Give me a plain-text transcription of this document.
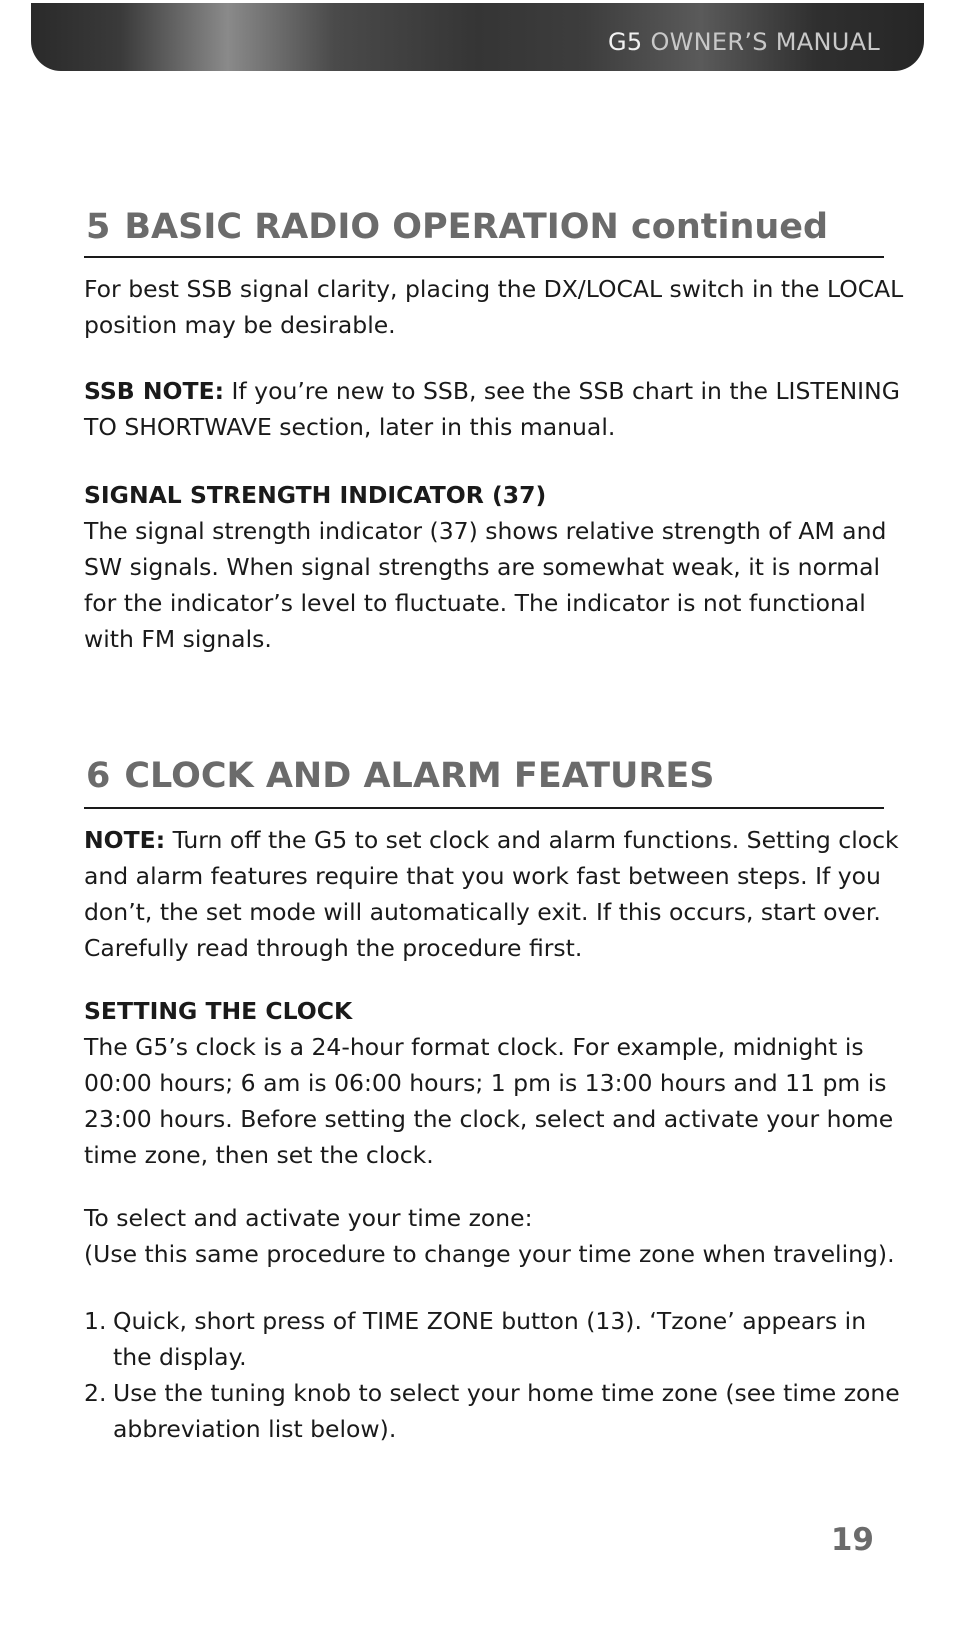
G5 OWNER’S MANUAL
5 BASIC RADIO OPERATION continued

For best SSB signal clarity, placing the DX/LOCAL switch in the LOCAL

position may be desirable.

SSB NOTE: If you’re new to SSB, see the SSB chart in the LISTENING

TO SHORTWAVE section, later in this manual.

SIGNAL STRENGTH INDICATOR (37)

The signal strength indicator (37) shows relative strength of AM and

SW signals. When signal strengths are somewhat weak, it is normal

for the indicator’s level to fluctuate. The indicator is not functional

with FM signals.

6 CLOCK AND ALARM FEATURES

NOTE: Turn off the G5 to set clock and alarm functions. Setting clock

and alarm features require that you work fast between steps. If you

don’t, the set mode will automatically exit. If this occurs, start over.

Carefully read through the procedure first.

SETTING THE CLOCK

The G5’s clock is a 24-hour format clock. For example, midnight is

00:00 hours; 6 am is 06:00 hours; 1 pm is 13:00 hours and 11 pm is

23:00 hours. Before setting the clock, select and activate your home

time zone, then set the clock.

To select and activate your time zone:

(Use this same procedure to change your time zone when traveling).

1. Quick, short press of TIME ZONE button (13). ‘Tzone’ appears in

the display.

2. Use the tuning knob to select your home time zone (see time zone

abbreviation list below).

19
